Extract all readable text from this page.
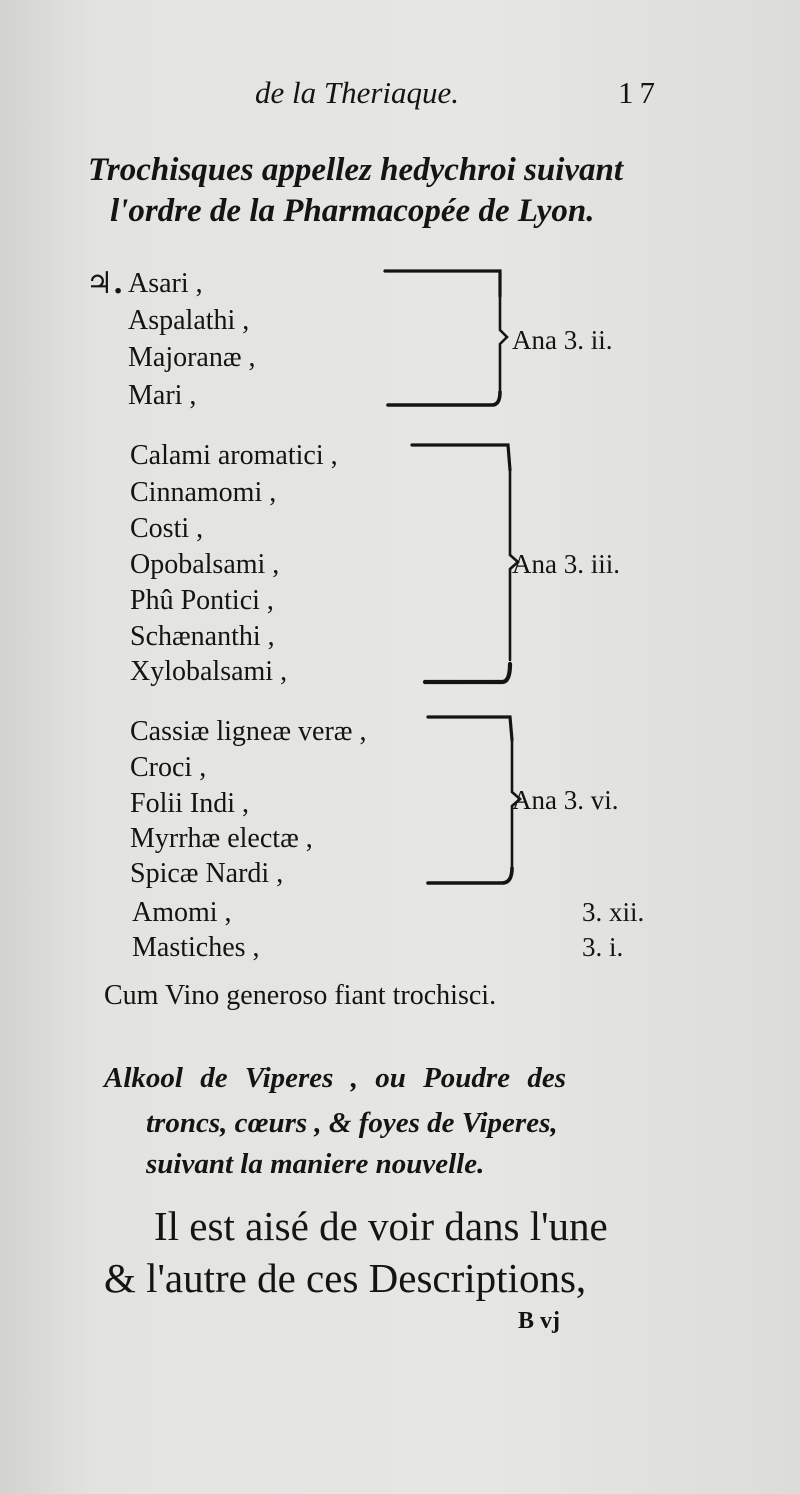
de la Theriaque.	17
Trochisques appellez hedychroi suivant
l'ordre de la Pharmacopée de Lyon.
♃. Asari ,
Aspalathi ,
Majoranæ ,
Mari ,
Ana 3. ii.
Calami aromatici ,
Cinnamomi ,
Costi ,
Opobalsami ,
Phû Pontici ,
Schænanthi ,
Xylobalsami ,
Ana 3. iii.
Cassiæ ligneæ veræ ,
Croci ,
Folii Indi ,
Myrrhæ electæ ,
Spicæ Nardi ,
Ana 3. vi.
Amomi ,	3. xii.
Mastiches ,	3. i.
Cum Vino generoso fiant trochisci.
Alkool de Viperes , ou Poudre des
troncs, cœurs , & foyes de Viperes,
suivant la maniere nouvelle.
Il est aisé de voir dans l'une
& l'autre de ces Descriptions,
B vj
